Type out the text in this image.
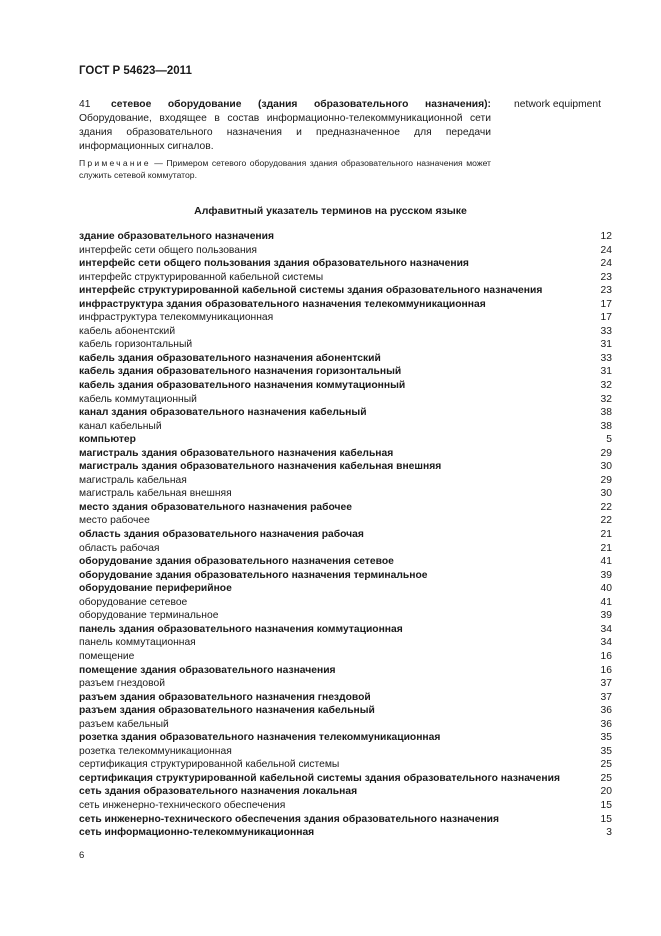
ГОСТ Р 54623—2011
41 сетевое оборудование (здания образовательного назначения): Оборудование, входящее в состав информационно-телекоммуникационной сети здания образовательного назначения и предназначенное для передачи информационных сигналов.
network equipment
Примечание — Примером сетевого оборудования здания образовательного назначения может служить сетевой коммутатор.
Алфавитный указатель терминов на русском языке
здание образовательного назначения	12
интерфейс сети общего пользования	24
интерфейс сети общего пользования здания образовательного назначения	24
интерфейс структурированной кабельной системы	23
интерфейс структурированной кабельной системы здания образовательного назначения	23
инфраструктура здания образовательного назначения телекоммуникационная	17
инфраструктура телекоммуникационная	17
кабель абонентский	33
кабель горизонтальный	31
кабель здания образовательного назначения абонентский	33
кабель здания образовательного назначения горизонтальный	31
кабель здания образовательного назначения коммутационный	32
кабель коммутационный	32
канал здания образовательного назначения кабельный	38
канал кабельный	38
компьютер	5
магистраль здания образовательного назначения кабельная	29
магистраль здания образовательного назначения кабельная внешняя	30
магистраль кабельная	29
магистраль кабельная внешняя	30
место здания образовательного назначения рабочее	22
место рабочее	22
область здания образовательного назначения рабочая	21
область рабочая	21
оборудование здания образовательного назначения сетевое	41
оборудование здания образовательного назначения терминальное	39
оборудование периферийное	40
оборудование сетевое	41
оборудование терминальное	39
панель здания образовательного назначения коммутационная	34
панель коммутационная	34
помещение	16
помещение здания образовательного назначения	16
разъем гнездовой	37
разъем здания образовательного назначения гнездовой	37
разъем здания образовательного назначения кабельный	36
разъем кабельный	36
розетка здания образовательного назначения телекоммуникационная	35
розетка телекоммуникационная	35
сертификация структурированной кабельной системы	25
сертификация структурированной кабельной системы здания образовательного назначения	25
сеть здания образовательного назначения локальная	20
сеть инженерно-технического обеспечения	15
сеть инженерно-технического обеспечения здания образовательного назначения	15
сеть информационно-телекоммуникационная	3
6
